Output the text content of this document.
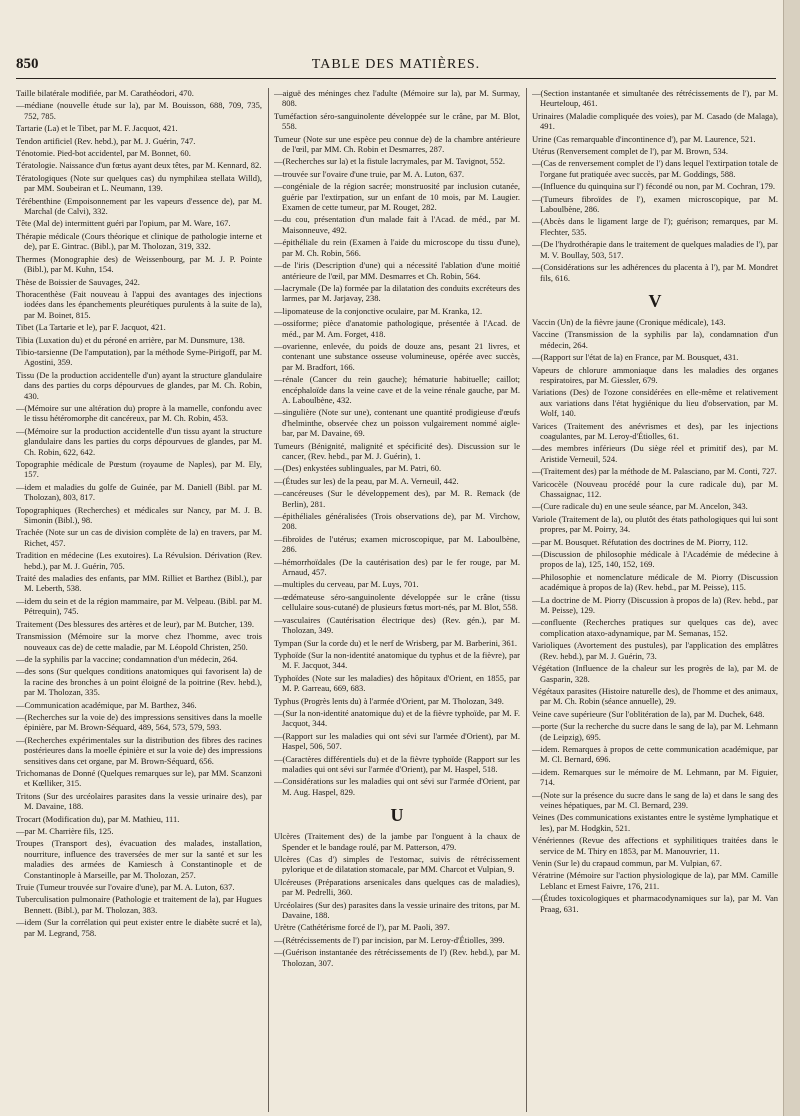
850	TABLE DES MATIÈRES.

Taille bilatérale modifiée, par M. Carathéodori, 470.

—médiane (nouvelle étude sur la), par M. Bouisson, 688, 709, 735, 752, 785.

Tartarie (La) et le Tibet, par M. F. Jacquot, 421.

Tendon artificiel (Rev. hebd.), par M. J. Guérin, 747.

Ténotomie. Pied-bot accidentel, par M. Bonnet, 60.

Tératologie. Naissance d'un fœtus ayant deux têtes, par M. Kennard, 82.

Tératologiques (Note sur quelques cas) du nymphilæa stellata Willd), par MM. Soubeiran et L. Neumann, 139.

Térébenthine (Empoisonnement par les vapeurs d'essence de), par M. Marchal (de Calvi), 332.

Tête (Mal de) intermittent guéri par l'opium, par M. Ware, 167.

Thérapie médicale (Cours théorique et clinique de pathologie interne et de), par E. Gintrac. (Bibl.), par M. Tholozan, 319, 332.

Thermes (Monographie des) de Weissenbourg, par M. J. P. Pointe (Bibl.), par M. Kuhn, 154.

Thèse de Boissier de Sauvages, 242.

Thoracenthèse (Fait nouveau à l'appui des avantages des injections iodées dans les épanchements pleurétiques purulents à la suite de la), par M. Boinet, 815.

Tibet (La Tartarie et le), par F. Jacquot, 421.

Tibia (Luxation du) et du péroné en arrière, par M. Dunsmure, 138.

Tibio-tarsienne (De l'amputation), par la méthode Syme-Pirigoff, par M. Agostini, 359.

Tissu (De la production accidentelle d'un) ayant la structure glandulaire dans des parties du corps dépourvues de glandes, par M. Ch. Robin, 430.

—(Mémoire sur une altération du) propre à la mamelle, confondu avec le tissu hétéromorphe dit cancéreux, par M. Ch. Robin, 453.

—(Mémoire sur la production accidentelle d'un tissu ayant la structure glandulaire dans les parties du corps dépourvues de glandes, par M. Ch. Robin, 622, 642.

Topographie médicale de Pœstum (royaume de Naples), par M. Ely, 157.

—idem et maladies du golfe de Guinée, par M. Daniell (Bibl. par M. Tholozan), 803, 817.

Topographiques (Recherches) et médicales sur Nancy, par M. J. B. Simonin (Bibl.), 98.

Trachée (Note sur un cas de division complète de la) en travers, par M. Richet, 457.

Tradition en médecine (Les exutoires). La Révulsion. Dérivation (Rev. hebd.), par M. J. Guérin, 705.

Traité des maladies des enfants, par MM. Rilliet et Barthez (Bibl.), par M. Leberth, 538.

—idem du sein et de la région mammaire, par M. Velpeau. (Bibl. par M. Pétrequin), 745.

Traitement (Des blessures des artères et de leur), par M. Butcher, 139.

Transmission (Mémoire sur la morve chez l'homme, avec trois nouveaux cas de) de cette maladie, par M. Léopold Christen, 250.

—de la syphilis par la vaccine; condamnation d'un médecin, 264.

—des sons (Sur quelques conditions anatomiques qui favorisent la) de la racine des bronches à un point éloigné de la poitrine (Rev. hebd.), par M. Tholozan, 335.

—Communication académique, par M. Barthez, 346.

—(Recherches sur la voie de) des impressions sensitives dans la moelle épinière, par M. Brown-Séquard, 489, 564, 573, 579, 593.

—(Recherches expérimentales sur la distribution des fibres des racines postérieures dans la moelle épinière et sur la voie de) des impressions sensitives dans cet organe, par M. Brown-Séquard, 656.

Trichomanas de Donné (Quelques remarques sur le), par MM. Scanzoni et Kœlliker, 315.

Tritons (Sur des urcéolaires parasites dans la vessie urinaire des), par M. Davaine, 188.

Trocart (Modification du), par M. Mathieu, 111.

—par M. Charrière fils, 125.

Troupes (Transport des), évacuation des malades, installation, nourriture, influence des traversées de mer sur la santé et sur les maladies des armées de Kamiesch à Constantinople et de Constantinople à Marseille, par M. Tholozan, 257.

Truie (Tumeur trouvée sur l'ovaire d'une), par M. A. Luton, 637.

Tuberculisation pulmonaire (Pathologie et traitement de la), par Hugues Bennett. (Bibl.), par M. Tholozan, 383.

—idem (Sur la corrélation qui peut exister entre le diabète sucré et la), par M. Legrand, 758.

—aiguë des méninges chez l'adulte (Mémoire sur la), par M. Surmay, 808.

Tuméfaction séro-sanguinolente développée sur le crâne, par M. Blot, 558.

Tumeur (Note sur une espèce peu connue de) de la chambre antérieure de l'œil, par MM. Ch. Robin et Desmarres, 287.

—(Recherches sur la) et la fistule lacrymales, par M. Tavignot, 552.

—trouvée sur l'ovaire d'une truie, par M. A. Luton, 637.

—congéniale de la région sacrée; monstruosité par inclusion cutanée, guérie par l'extirpation, sur un enfant de 10 mois, par M. Laugier. Examen de cette tumeur, par M. Rouget, 282.

—du cou, présentation d'un malade fait à l'Acad. de méd., par M. Maisonneuve, 492.

—épithéliale du rein (Examen à l'aide du microscope du tissu d'une), par M. Ch. Robin, 566.

—de l'iris (Description d'une) qui a nécessité l'ablation d'une moitié antérieure de l'œil, par MM. Desmarres et Ch. Robin, 564.

—lacrymale (De la) formée par la dilatation des conduits excréteurs des larmes, par M. Jarjavay, 238.

—lipomateuse de la conjonctive oculaire, par M. Kranka, 12.

—ossiforme; pièce d'anatomie pathologique, présentée à l'Acad. de méd., par M. Am. Forget, 418.

—ovarienne, enlevée, du poids de douze ans, pesant 21 livres, et contenant une substance osseuse volumineuse, opérée avec succès, par M. Bradfort, 166.

—rénale (Cancer du rein gauche); hématurie habituelle; caillot; encéphaloïde dans la veine cave et de la veine rénale gauche, par M. A. Laboulbène, 432.

—singulière (Note sur une), contenant une quantité prodigieuse d'œufs d'helminthe, observée chez un poisson vulgairement nommé aigle-bar, par M. Davaine, 69.

Tumeurs (Bénignité, malignité et spécificité des). Discussion sur le cancer, (Rev. hebd., par M. J. Guérin), 1.

—(Des) enkystées sublinguales, par M. Patri, 60.

—(Études sur les) de la peau, par M. A. Verneuil, 442.

—cancéreuses (Sur le développement des), par M. R. Remack (de Berlin), 281.

—épithéliales généralisées (Trois observations de), par M. Virchow, 208.

—fibroïdes de l'utérus; examen microscopique, par M. Laboulbène, 286.

—hémorrhoïdales (De la cautérisation des) par le fer rouge, par M. Arnaud, 457.

—multiples du cerveau, par M. Luys, 701.

—œdémateuse séro-sanguinolente développée sur le crâne (tissu cellulaire sous-cutané) de plusieurs fœtus mort-nés, par M. Blot, 558.

—vasculaires (Cautérisation électrique des) (Rev. gén.), par M. Tholozan, 349.

Tympan (Sur la corde du) et le nerf de Wrisberg, par M. Barberini, 361.

Typhoïde (Sur la non-identité anatomique du typhus et de la fièvre), par M. F. Jacquot, 344.

Typhoïdes (Note sur les maladies) des hôpitaux d'Orient, en 1855, par M. P. Garreau, 669, 683.

Typhus (Progrès lents du) à l'armée d'Orient, par M. Tholozan, 349.

—(Sur la non-identité anatomique du) et de la fièvre typhoïde, par M. F. Jacquot, 344.

—(Rapport sur les maladies qui ont sévi sur l'armée d'Orient), par M. Haspel, 506, 507.

—(Caractères différentiels du) et de la fièvre typhoïde (Rapport sur les maladies qui ont sévi sur l'armée d'Orient), par M. Haspel, 518.

—Considérations sur les maladies qui ont sévi sur l'armée d'Orient, par M. Aug. Haspel, 829.

U

Ulcères (Traitement des) de la jambe par l'onguent à la chaux de Spender et le bandage roulé, par M. Patterson, 479.

Ulcères (Cas d') simples de l'estomac, suivis de rétrécissement pylorique et de dilatation stomacale, par MM. Charcot et Vulpian, 9.

Ulcéreuses (Préparations arsenicales dans quelques cas de maladies), par M. Pedrelli, 360.

Urcéolaires (Sur des) parasites dans la vessie urinaire des tritons, par M. Davaine, 188.

Urètre (Cathétérisme forcé de l'), par M. Paoli, 397.

—(Rétrécissements de l') par incision, par M. Leroy-d'Étiolles, 399.

—(Guérison instantanée des rétrécissements de l') (Rev. hebd.), par M. Tholozan, 307.

—(Section instantanée et simultanée des rétrécissements de l'), par M. Heurteloup, 461.

Urinaires (Maladie compliquée des voies), par M. Casado (de Malaga), 491.

Urine (Cas remarquable d'incontinence d'), par M. Laurence, 521.

Utérus (Renversement complet de l'), par M. Brown, 534.

—(Cas de renversement complet de l') dans lequel l'extirpation totale de l'organe fut pratiquée avec succès, par M. Goddings, 588.

—(Influence du quinquina sur l') fécondé ou non, par M. Cochran, 179.

—(Tumeurs fibroïdes de l'), examen microscopique, par M. Laboulbène, 286.

—(Abcès dans le ligament large de l'); guérison; remarques, par M. Flechter, 535.

—(De l'hydrothérapie dans le traitement de quelques maladies de l'), par M. V. Boullay, 503, 517.

—(Considérations sur les adhérences du placenta à l'), par M. Mondret fils, 616.

V

Vaccin (Un) de la fièvre jaune (Cronique médicale), 143.

Vaccine (Transmission de la syphilis par la), condamnation d'un médecin, 264.

—(Rapport sur l'état de la) en France, par M. Bousquet, 431.

Vapeurs de chlorure ammoniaque dans les maladies des organes respiratoires, par M. Giessler, 679.

Variations (Des) de l'ozone considérées en elle-même et relativement aux variations dans l'état hygiénique du lieu d'observation, par M. Wolf, 140.

Varices (Traitement des anévrismes et des), par les injections coagulantes, par M. Leroy-d'Étiolles, 61.

—des membres inférieurs (Du siège réel et primitif des), par M. Aristide Verneuil, 524.

—(Traitement des) par la méthode de M. Palasciano, par M. Conti, 727.

Varicocèle (Nouveau procédé pour la cure radicale du), par M. Chassaignac, 112.

—(Cure radicale du) en une seule séance, par M. Ancelon, 343.

Variole (Traitement de la), ou plutôt des états pathologiques qui lui sont propres, par M. Poirry, 34.

—par M. Bousquet. Réfutation des doctrines de M. Piorry, 112.

—(Discussion de philosophie médicale à l'Académie de médecine à propos de la), 125, 140, 152, 169.

—Philosophie et nomenclature médicale de M. Piorry (Discussion académique à propos de la) (Rev. hebd., par M. Peisse), 115.

—La doctrine de M. Piorry (Discussion à propos de la) (Rev. hebd., par M. Peisse), 129.

—confluente (Recherches pratiques sur quelques cas de), avec complication ataxo-adynamique, par M. Semanas, 152.

Varioliques (Avortement des pustules), par l'application des emplâtres (Rev. hebd.), par M. J. Guérin, 73.

Végétation (Influence de la chaleur sur les progrès de la), par M. de Gasparin, 328.

Végétaux parasites (Histoire naturelle des), de l'homme et des animaux, par M. Ch. Robin (séance annuelle), 29.

Veine cave supérieure (Sur l'oblitération de la), par M. Duchek, 648.

—porte (Sur la recherche du sucre dans le sang de la), par M. Lehmann (de Leipzig), 695.

—idem. Remarques à propos de cette communication académique, par M. Cl. Bernard, 696.

—idem. Remarques sur le mémoire de M. Lehmann, par M. Figuier, 714.

—(Note sur la présence du sucre dans le sang de la) et dans le sang des veines hépatiques, par M. Cl. Bernard, 239.

Veines (Des communications existantes entre le système lymphatique et les), par M. Hodgkin, 521.

Vénériennes (Revue des affections et syphilitiques traitées dans le service de M. Thiry en 1853, par M. Manouvrier, 11.

Venin (Sur le) du crapaud commun, par M. Vulpian, 67.

Vératrine (Mémoire sur l'action physiologique de la), par MM. Camille Leblanc et Ernest Faivre, 176, 211.

—(Études toxicologiques et pharmacodynamiques sur la), par M. Van Praag, 631.
